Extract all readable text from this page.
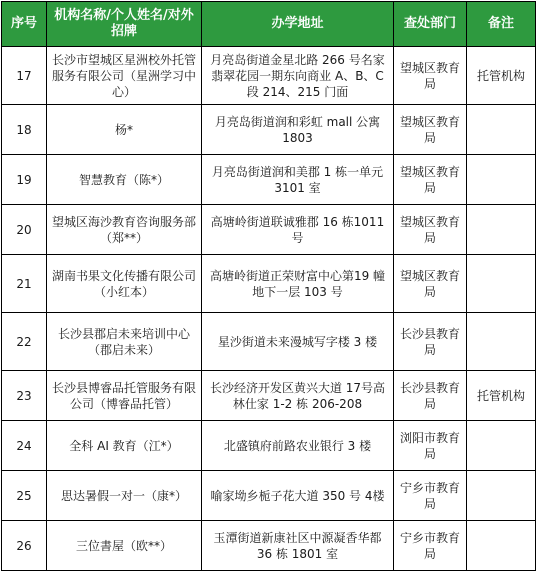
序号	机构名称/个人姓名/对外招牌	办学地址	查处部门	备注
17	长沙市望城区星洲校外托管服务有限公司（星洲学习中心）	月亮岛街道金星北路 266 号名家翡翠花园一期东向商业 A、B、C 段 214、215 门面	望城区教育局	托管机构
18	杨*	月亮岛街道润和彩虹 mall 公寓 1803	望城区教育局	
19	智慧教育（陈*）	月亮岛街道润和美郡 1 栋一单元 3101 室	望城区教育局	
20	望城区海沙教育咨询服务部（郑**）	高塘岭街道联诚雅郡 16 栋1011 号	望城区教育局	
21	湖南书果文化传播有限公司（小红本）	高塘岭街道正荣财富中心第19 幢地下一层 103 号	望城区教育局	
22	长沙县郡启未来培训中心（郡启未来）	星沙街道未来漫城写字楼 3 楼	长沙县教育局	
23	长沙县博睿品托管服务有限公司（博睿品托管）	长沙经济开发区黄兴大道 17号高林仕家 1-2 栋 206-208	长沙县教育局	托管机构
24	全科 AI 教育（江*）	北盛镇府前路农业银行 3 楼	浏阳市教育局	
25	思达暑假一对一（康*）	喻家坳乡栀子花大道 350 号 4楼	宁乡市教育局	
26	三位書屋（欧**）	玉潭街道新康社区中源凝香华都 36 栋 1801 室	宁乡市教育局	
